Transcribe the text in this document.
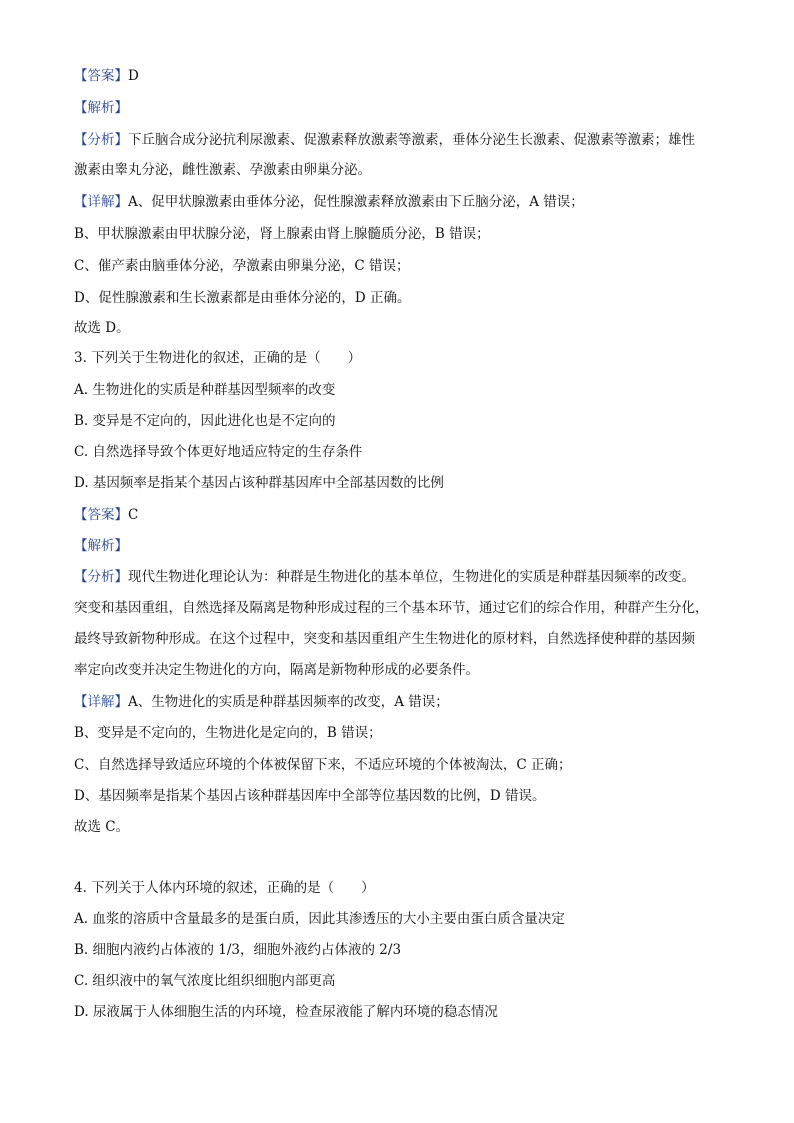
【答案】D
【解析】
【分析】下丘脑合成分泌抗利尿激素、促激素释放激素等激素，垂体分泌生长激素、促激素等激素；雄性
激素由睾丸分泌，雌性激素、孕激素由卵巢分泌。
【详解】A、促甲状腺激素由垂体分泌，促性腺激素释放激素由下丘脑分泌，A 错误；
B、甲状腺激素由甲状腺分泌，肾上腺素由肾上腺髓质分泌，B 错误；
C、催产素由脑垂体分泌，孕激素由卵巢分泌，C 错误；
D、促性腺激素和生长激素都是由垂体分泌的，D 正确。
故选 D。
3. 下列关于生物进化的叙述，正确的是（　　）
A. 生物进化的实质是种群基因型频率的改变
B. 变异是不定向的，因此进化也是不定向的
C. 自然选择导致个体更好地适应特定的生存条件
D. 基因频率是指某个基因占该种群基因库中全部基因数的比例
【答案】C
【解析】
【分析】现代生物进化理论认为：种群是生物进化的基本单位，生物进化的实质是种群基因频率的改变。
突变和基因重组，自然选择及隔离是物种形成过程的三个基本环节，通过它们的综合作用，种群产生分化，
最终导致新物种形成。在这个过程中，突变和基因重组产生生物进化的原材料，自然选择使种群的基因频
率定向改变并决定生物进化的方向，隔离是新物种形成的必要条件。
【详解】A、生物进化的实质是种群基因频率的改变，A 错误；
B、变异是不定向的，生物进化是定向的，B 错误；
C、自然选择导致适应环境的个体被保留下来，不适应环境的个体被淘汰，C 正确；
D、基因频率是指某个基因占该种群基因库中全部等位基因数的比例，D 错误。
故选 C。
4. 下列关于人体内环境的叙述，正确的是（　　）
A. 血浆的溶质中含量最多的是蛋白质，因此其渗透压的大小主要由蛋白质含量决定
B. 细胞内液约占体液的 1/3，细胞外液约占体液的 2/3
C. 组织液中的氧气浓度比组织细胞内部更高
D. 尿液属于人体细胞生活的内环境，检查尿液能了解内环境的稳态情况
